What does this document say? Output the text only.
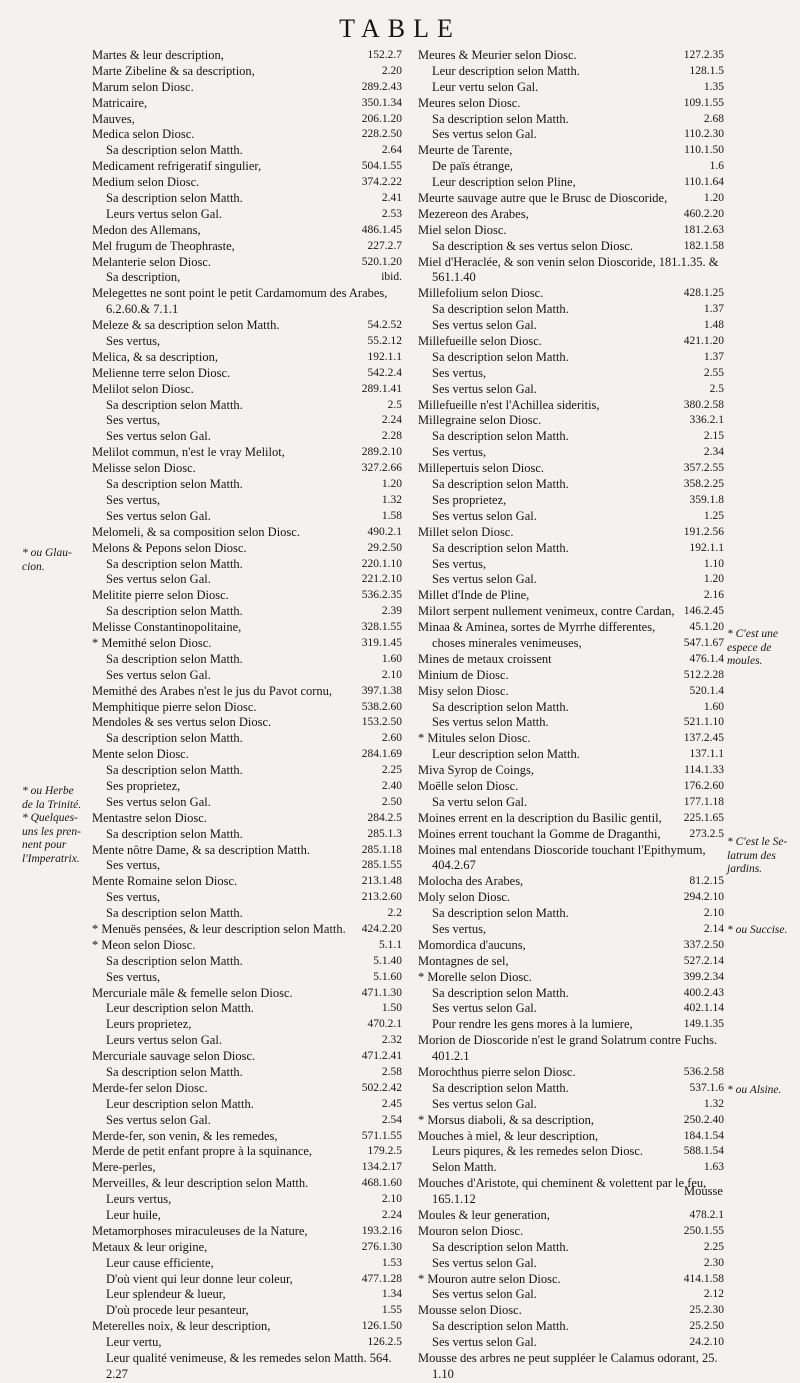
TABLE
Martes & leur description,	152.2.7
Marte Zibeline & sa description,	2.20
Marum selon Diosc.	289.2.43
Matricaire,	350.1.34
Mauves,	206.1.20
Medica selon Diosc.	228.2.50
Sa description selon Matth.	2.64
Medicament refrigeratif singulier,	504.1.55
Medium selon Diosc.	374.2.22
Sa description selon Matth.	2.41
Leurs vertus selon Gal.	2.53
Medon des Allemans,	486.1.45
Mel frugum de Theophraste,	227.2.7
Melanterie selon Diosc.	520.1.20
Sa description,	ibid.
Melegettes ne sont point le petit Cardamomum des Arabes,
6.2.60.& 7.1.1
Meleze & sa description selon Matth.	54.2.52
Ses vertus,	55.2.12
Melica, & sa description,	192.1.1
Melienne terre selon Diosc.	542.2.4
Melilot selon Diosc.	289.1.41
Sa description selon Matth.	2.5
Ses vertus,	2.24
Ses vertus selon Gal.	2.28
Melilot commun, n'est le vray Melilot,	289.2.10
Melisse selon Diosc.	327.2.66
Sa description selon Matth.	1.20
Ses vertus,	1.32
Ses vertus selon Gal.	1.58
Melomeli, & sa composition selon Diosc.	490.2.1
Melons & Pepons selon Diosc.	29.2.50
Sa description selon Matth.	220.1.10
Ses vertus selon Gal.	221.2.10
Melitite pierre selon Diosc.	536.2.35
Sa description selon Matth.	2.39
Melisse Constantinopolitaine,	328.1.55
* Memithé selon Diosc.	319.1.45
Sa description selon Matth.	1.60
Ses vertus selon Gal.	2.10
Memithé des Arabes n'est le jus du Pavot cornu,	397.1.38
Memphitique pierre selon Diosc.	538.2.60
Mendoles & ses vertus selon Diosc.	153.2.50
Sa description selon Matth.	2.60
Mente selon Diosc.	284.1.69
Sa description selon Matth.	2.25
Ses proprietez,	2.40
Ses vertus selon Gal.	2.50
Mentastre selon Diosc.	284.2.5
Sa description selon Matth.	285.1.3
Mente nôtre Dame, & sa description Matth.	285.1.18
Ses vertus,	285.1.55
Mente Romaine selon Diosc.	213.1.48
Ses vertus,	213.2.60
Sa description selon Matth.	2.2
* Menuës pensées, & leur description selon Matth. 424.2.20
* Meon selon Diosc.	5.1.1
Sa description selon Matth.	5.1.40
Ses vertus,	5.1.60
Mercuriale mâle & femelle selon Diosc.	471.1.30
Leur description selon Matth.	1.50
Leurs proprietez,	470.2.1
Leurs vertus selon Gal.	2.32
Mercuriale sauvage selon Diosc.	471.2.41
Sa description selon Matth.	2.58
Merde-fer selon Diosc.	502.2.42
Leur description selon Matth.	2.45
Ses vertus selon Gal.	2.54
Merde-fer, son venin, & les remedes,	571.1.55
Merde de petit enfant propre à la squinance,	179.2.5
Mere-perles,	134.2.17
Merveilles, & leur description selon Matth.	468.1.60
Leurs vertus,	2.10
Leur huile,	2.24
Metamorphoses miraculeuses de la Nature,	193.2.16
Metaux & leur origine,	276.1.30
Leur cause efficiente,	1.53
D'où vient qui leur donne leur coleur,	477.1.28
Leur splendeur & lueur,	1.34
D'où procede leur pesanteur,	1.55
Meterelles noix, & leur description,	126.1.50
Leur vertu,	126.2.5
Leur qualité venimeuse, & les remedes selon Matth. 564.
2.27
Meures & Meurier selon Diosc.	127.2.35
Leur description selon Matth.	128.1.5
Leur vertu selon Gal.	1.35
Meures selon Diosc.	109.1.55
Sa description selon Matth.	2.68
Ses vertus selon Gal.	110.2.30
Meurte de Tarente,	110.1.50
De païs étrange,	1.6
Leur description selon Pline,	110.1.64
Meurte sauvage autre que le Brusc de Dioscoride,	1.20
Mezereon des Arabes,	460.2.20
Miel selon Diosc.	181.2.63
Sa description & ses vertus selon Diosc.	182.1.58
Miel d'Heraclée, & son venin selon Dioscoride, 181.1.35. &
561.1.40
Millefolium selon Diosc.	428.1.25
Sa description selon Matth.	1.37
Ses vertus selon Gal.	1.48
Millefueille selon Diosc.	421.1.20
Sa description selon Matth.	1.37
Ses vertus,	2.55
Ses vertus selon Gal.	2.5
Millefueille n'est l'Achillea sideritis,	380.2.58
Millegraine selon Diosc.	336.2.1
Sa description selon Matth.	2.15
Ses vertus,	2.34
Millepertuis selon Diosc.	357.2.55
Sa description selon Matth.	358.2.25
Ses proprietez,	359.1.8
Ses vertus selon Gal.	1.25
Millet selon Diosc.	191.2.56
Sa description selon Matth.	192.1.1
Ses vertus,	1.10
Ses vertus selon Gal.	1.20
Millet d'Inde de Pline,	2.16
Milort serpent nullement venimeux, contre Cardan, 146.2.45
Minaa & Aminea, sortes de Myrrhe differentes,	45.1.20
choses minerales venimeuses,	547.1.67
Mines de metaux croissent	476.1.4
Minium de Diosc.	512.2.28
Misy selon Diosc.	520.1.4
Sa description selon Matth.	1.60
Ses vertus selon Matth.	521.1.10
* Mitules selon Diosc.	137.2.45
Leur description selon Matth.	137.1.1
Miva Syrop de Coings,	114.1.33
Moëlle selon Diosc.	176.2.60
Sa vertu selon Gal.	177.1.18
Moines errent en la description du Basilic gentil, 225.1.65
Moines errent touchant la Gomme de Draganthi,	273.2.5
Moines mal entendans Dioscoride touchant l'Epithymum,
404.2.67
Molocha des Arabes,	81.2.15
Moly selon Diosc.	294.2.10
Sa description selon Matth.	2.10
Ses vertus,	2.14
Momordica d'aucuns,	337.2.50
Montagnes de sel,	527.2.14
* Morelle selon Diosc.	399.2.34
Sa description selon Matth.	400.2.43
Ses vertus selon Gal.	402.1.14
Pour rendre les gens mores à la lumiere,	149.1.35
Morion de Dioscoride n'est le grand Solatrum contre Fuchs.
401.2.1
Morochthus pierre selon Diosc.	536.2.58
Sa description selon Matth.	537.1.6
Ses vertus selon Gal.	1.32
* Morsus diaboli, & sa description,	250.2.40
Mouches à miel, & leur description,	184.1.54
Leurs piqures, & les remedes selon Diosc.	588.1.54
Selon Matth.	1.63
Mouches d'Aristote, qui cheminent & volettent par le feu,
165.1.12
Moules & leur generation,	478.2.1
Mouron selon Diosc.	250.1.55
Sa description selon Matth.	2.25
Ses vertus selon Gal.	2.30
* Mouron autre selon Diosc.	414.1.58
Ses vertus selon Gal.	2.12
Mousse selon Diosc.	25.2.30
Sa description selon Matth.	25.2.50
Ses vertus selon Gal.	24.2.10
Mousse des arbres ne peut suppléer le Calamus odorant, 25.
1.10
* ou Glau-
cion.
* ou Herbe
de la Trinité.
* Quelques-
uns les pren-
nent pour
l'Imperatrix.
* C'est une
espece de
moules.
* C'est le Se-
latrum des
jardins.
* ou Succise.
* ou Alsine.
Mousse
